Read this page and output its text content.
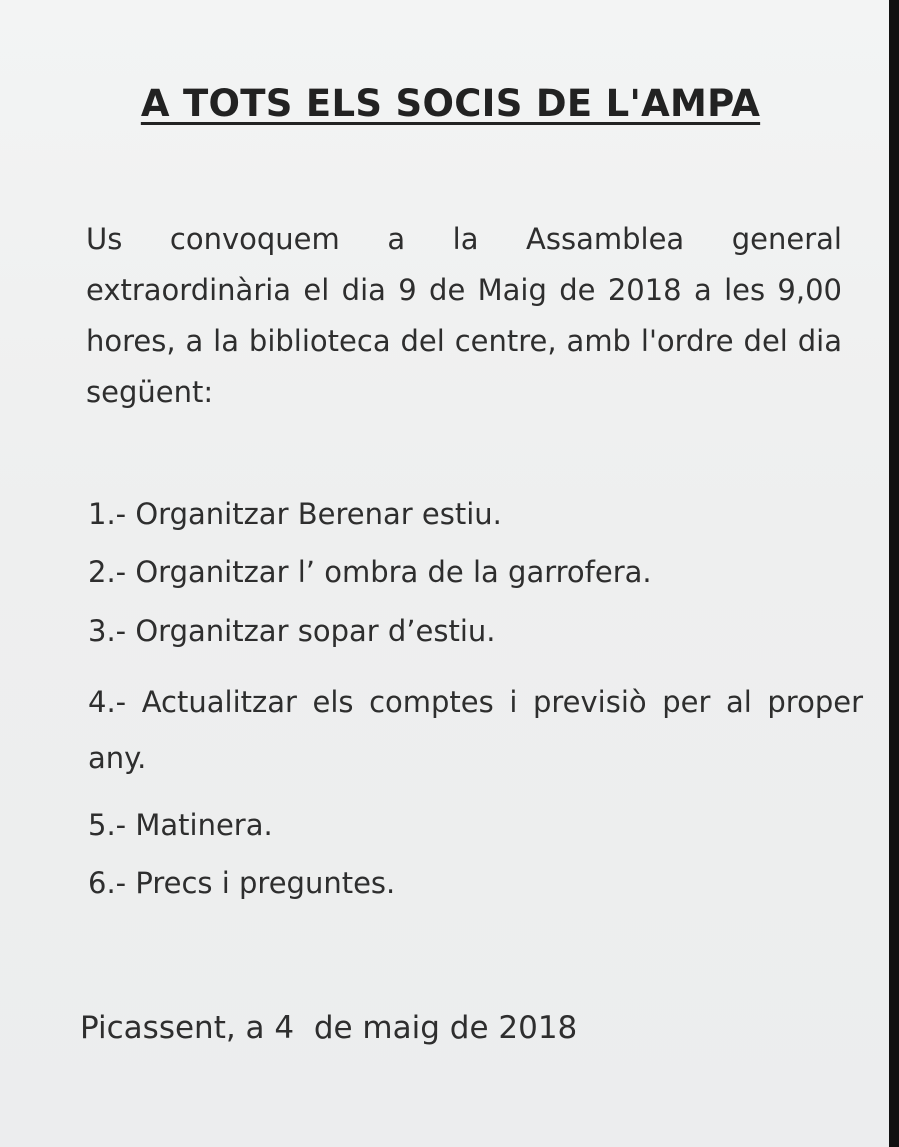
A TOTS ELS SOCIS DE L'AMPA
Us convoquem a la Assamblea general extraordinària el dia 9 de Maig de 2018 a les 9,00 hores, a la biblioteca del centre, amb l'ordre del dia següent:
1.- Organitzar Berenar estiu.
2.- Organitzar l’ ombra de la garrofera.
3.- Organitzar sopar d’estiu.
4.- Actualitzar els comptes i previsiò per al proper any.
5.- Matinera.
6.- Precs i preguntes.
Picassent, a 4  de maig de 2018
